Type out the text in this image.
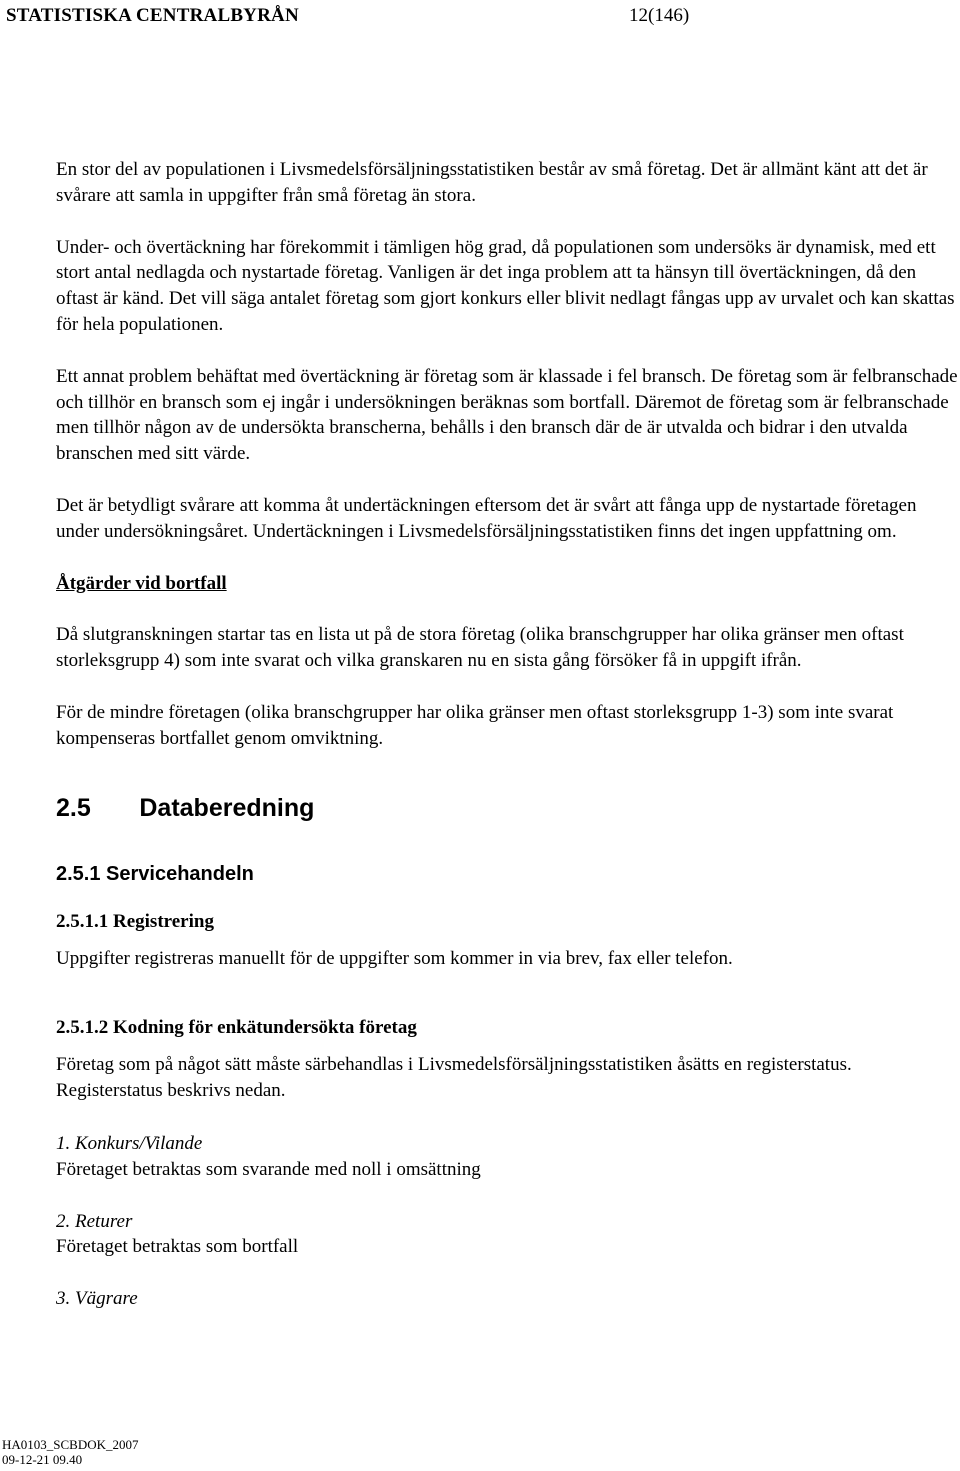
STATISTISKA CENTRALBYRÅN	12(146)

En stor del av populationen i Livsmedelsförsäljningsstatistiken består av små företag. Det är allmänt känt att det är svårare att samla in uppgifter från små företag än stora.

Under- och övertäckning har förekommit i tämligen hög grad, då populationen som undersöks är dynamisk, med ett stort antal nedlagda och nystartade företag. Vanligen är det inga problem att ta hänsyn till övertäckningen, då den oftast är känd. Det vill säga antalet företag som gjort konkurs eller blivit nedlagt fångas upp av urvalet och kan skattas för hela populationen.

Ett annat problem behäftat med övertäckning är företag som är klassade i fel bransch. De företag som är felbranschade och tillhör en bransch som ej ingår i undersökningen beräknas som bortfall. Däremot de företag som är felbranschade men tillhör någon av de undersökta branscherna, behålls i den bransch där de är utvalda och bidrar i den utvalda branschen med sitt värde.

Det är betydligt svårare att komma åt undertäckningen eftersom det är svårt att fånga upp de nystartade företagen under undersökningsåret. Undertäckningen i Livsmedelsförsäljningsstatistiken finns det ingen uppfattning om.

Åtgärder vid bortfall

Då slutgranskningen startar tas en lista ut på de stora företag (olika branschgrupper har olika gränser men oftast storleksgrupp 4) som inte svarat och vilka granskaren nu en sista gång försöker få in uppgift ifrån.

För de mindre företagen (olika branschgrupper har olika gränser men oftast storleksgrupp 1-3) som inte svarat kompenseras bortfallet genom omviktning.

2.5       Databeredning

2.5.1 Servicehandeln

2.5.1.1 Registrering

Uppgifter registreras manuellt för de uppgifter som kommer in via brev, fax eller telefon.

2.5.1.2 Kodning för enkätundersökta företag

Företag som på något sätt måste särbehandlas i Livsmedelsförsäljningsstatistiken åsätts en registerstatus. Registerstatus beskrivs nedan.

1. Konkurs/Vilande

Företaget betraktas som svarande med noll i omsättning

2. Returer

Företaget betraktas som bortfall

3. Vägrare

HA0103_SCBDOK_2007
09-12-21 09.40
